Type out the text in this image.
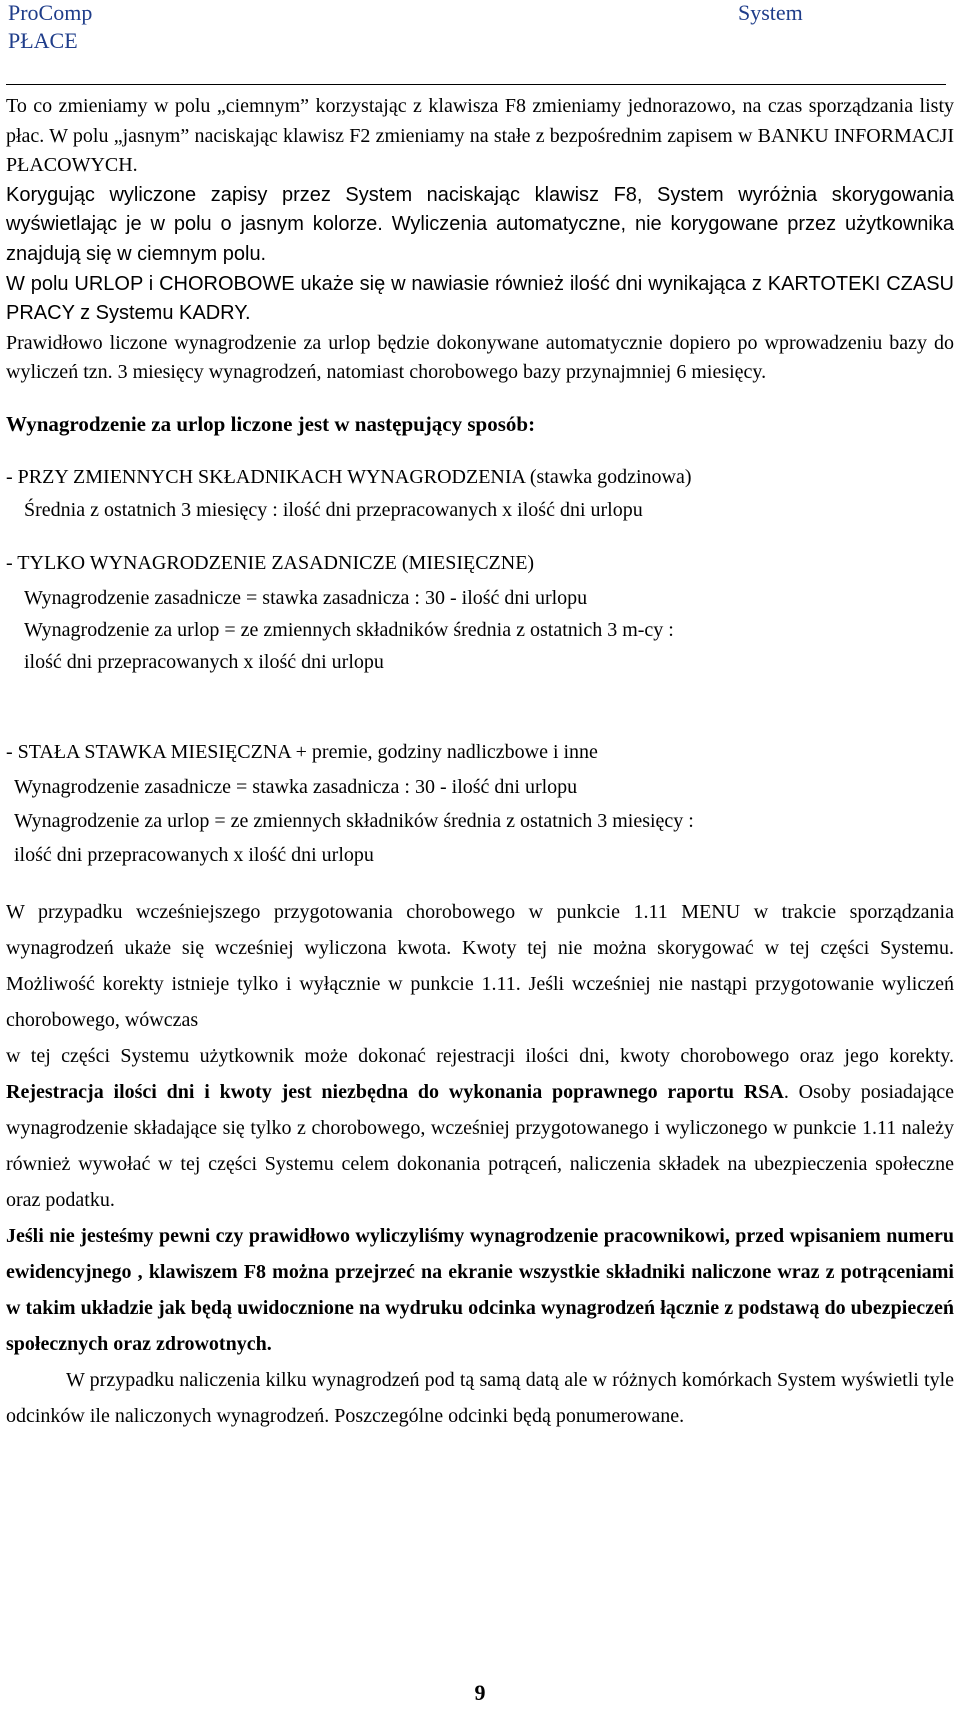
ProComp	System
PŁACE

To co zmieniamy w polu „ciemnym” korzystając z klawisza F8 zmieniamy jednorazowo, na czas sporządzania listy płac. W polu „jasnym” naciskając klawisz F2 zmieniamy na stałe z bezpośrednim zapisem w BANKU INFORMACJI PŁACOWYCH.

Korygując wyliczone zapisy przez System naciskając klawisz F8, System wyróżnia skorygowania wyświetlając je w polu o jasnym kolorze. Wyliczenia automatyczne, nie korygowane przez użytkownika znajdują się w ciemnym polu.

W polu URLOP i CHOROBOWE ukaże się w nawiasie również ilość dni wynikająca z KARTOTEKI CZASU PRACY z Systemu KADRY.

Prawidłowo liczone wynagrodzenie za urlop będzie dokonywane automatycznie dopiero po wprowadzeniu bazy do wyliczeń tzn. 3 miesięcy wynagrodzeń, natomiast chorobowego bazy przynajmniej 6 miesięcy.

Wynagrodzenie za urlop liczone jest w następujący sposób:

- PRZY ZMIENNYCH SKŁADNIKACH WYNAGRODZENIA (stawka godzinowa)

Średnia z ostatnich 3 miesięcy : ilość dni przepracowanych x ilość dni urlopu

- TYLKO WYNAGRODZENIE ZASADNICZE (MIESIĘCZNE)

Wynagrodzenie zasadnicze = stawka zasadnicza : 30 - ilość dni urlopu

Wynagrodzenie za urlop = ze zmiennych składników średnia z ostatnich 3 m-cy :

ilość dni przepracowanych x ilość dni urlopu

- STAŁA STAWKA MIESIĘCZNA + premie, godziny nadliczbowe i inne

Wynagrodzenie zasadnicze = stawka zasadnicza : 30 - ilość dni urlopu

Wynagrodzenie za urlop = ze zmiennych składników średnia z ostatnich 3 miesięcy :

ilość dni przepracowanych x ilość dni urlopu

W przypadku wcześniejszego przygotowania chorobowego w punkcie 1.11 MENU w trakcie sporządzania wynagrodzeń ukaże się wcześniej wyliczona kwota. Kwoty tej nie można skorygować w tej części Systemu. Możliwość korekty istnieje tylko i wyłącznie w punkcie 1.11. Jeśli wcześniej nie nastąpi przygotowanie wyliczeń chorobowego, wówczas

w tej części Systemu użytkownik może dokonać rejestracji ilości dni, kwoty chorobowego oraz jego korekty. Rejestracja ilości dni i kwoty jest niezbędna do wykonania poprawnego raportu RSA. Osoby posiadające wynagrodzenie składające się tylko z chorobowego, wcześniej przygotowanego i wyliczonego w punkcie 1.11 należy również wywołać w tej części Systemu celem dokonania potrąceń, naliczenia składek na ubezpieczenia społeczne oraz podatku.

Jeśli nie jesteśmy pewni czy prawidłowo wyliczyliśmy wynagrodzenie pracownikowi, przed wpisaniem numeru ewidencyjnego , klawiszem F8 można przejrzeć na ekranie wszystkie składniki naliczone wraz z potrąceniami w takim układzie jak będą uwidocznione na wydruku odcinka wynagrodzeń łącznie z podstawą do ubezpieczeń społecznych oraz zdrowotnych.

W przypadku naliczenia kilku wynagrodzeń pod tą samą datą ale w różnych komórkach System wyświetli tyle odcinków ile naliczonych wynagrodzeń. Poszczególne odcinki będą ponumerowane.

9
